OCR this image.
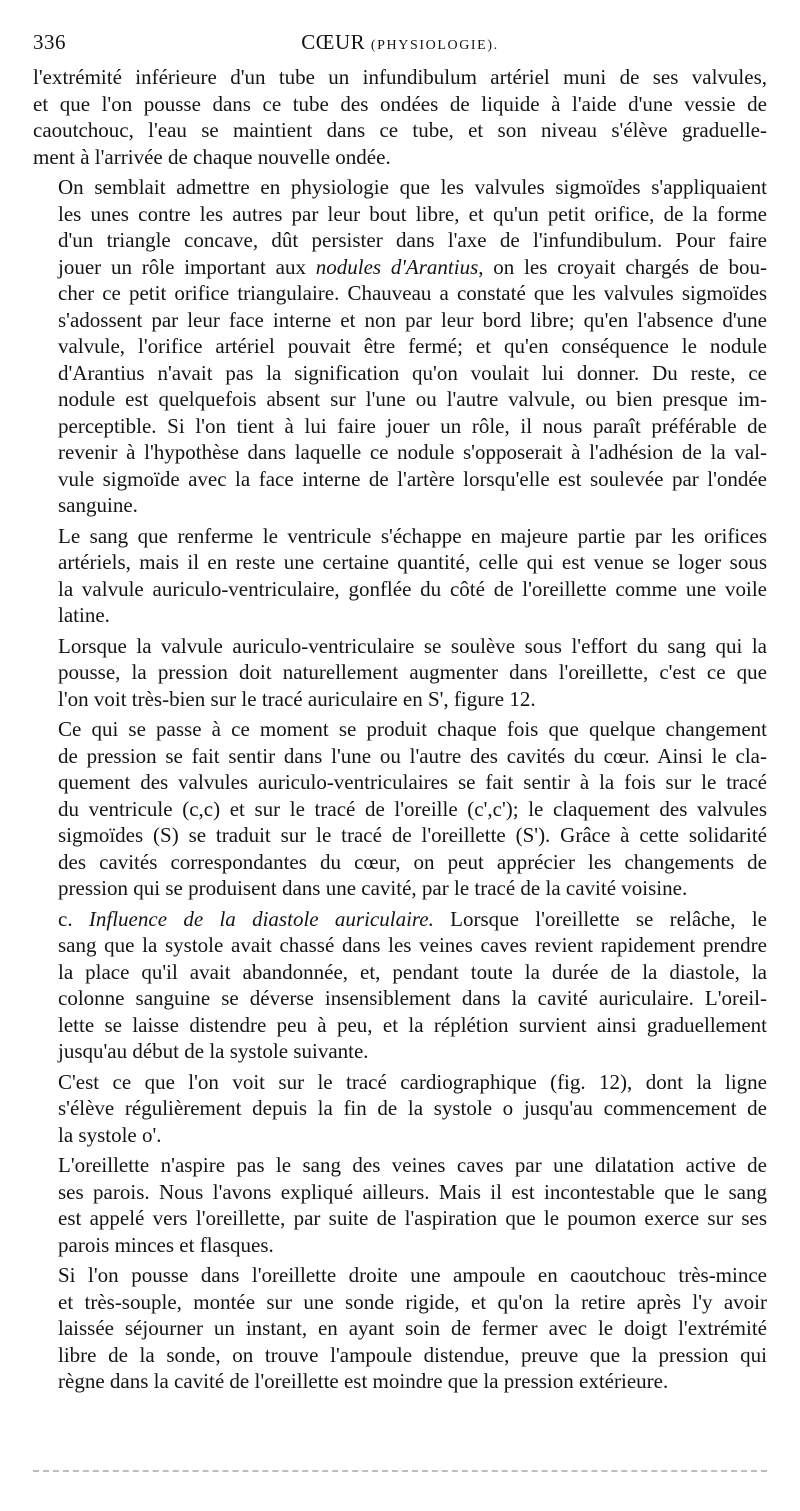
336	CŒUR (PHYSIOLOGIE).

l'extrémité inférieure d'un tube un infundibulum artériel muni de ses valvules,
et que l'on pousse dans ce tube des ondées de liquide à l'aide d'une vessie de
caoutchouc, l'eau se maintient dans ce tube, et son niveau s'élève graduelle-
ment à l'arrivée de chaque nouvelle ondée.

On semblait admettre en physiologie que les valvules sigmoïdes s'appliquaient
les unes contre les autres par leur bout libre, et qu'un petit orifice, de la forme
d'un triangle concave, dût persister dans l'axe de l'infundibulum. Pour faire
jouer un rôle important aux nodules d'Arantius, on les croyait chargés de bou-
cher ce petit orifice triangulaire. Chauveau a constaté que les valvules sigmoïdes
s'adossent par leur face interne et non par leur bord libre; qu'en l'absence d'une
valvule, l'orifice artériel pouvait être fermé; et qu'en conséquence le nodule
d'Arantius n'avait pas la signification qu'on voulait lui donner. Du reste, ce
nodule est quelquefois absent sur l'une ou l'autre valvule, ou bien presque im-
perceptible. Si l'on tient à lui faire jouer un rôle, il nous paraît préférable de
revenir à l'hypothèse dans laquelle ce nodule s'opposerait à l'adhésion de la val-
vule sigmoïde avec la face interne de l'artère lorsqu'elle est soulevée par l'ondée
sanguine.

Le sang que renferme le ventricule s'échappe en majeure partie par les orifices
artériels, mais il en reste une certaine quantité, celle qui est venue se loger sous
la valvule auriculo-ventriculaire, gonflée du côté de l'oreillette comme une voile
latine.

Lorsque la valvule auriculo-ventriculaire se soulève sous l'effort du sang qui la
pousse, la pression doit naturellement augmenter dans l'oreillette, c'est ce que
l'on voit très-bien sur le tracé auriculaire en S', figure 12.

Ce qui se passe à ce moment se produit chaque fois que quelque changement
de pression se fait sentir dans l'une ou l'autre des cavités du cœur. Ainsi le cla-
quement des valvules auriculo-ventriculaires se fait sentir à la fois sur le tracé
du ventricule (c,c) et sur le tracé de l'oreille (c',c'); le claquement des valvules
sigmoïdes (S) se traduit sur le tracé de l'oreillette (S'). Grâce à cette solidarité
des cavités correspondantes du cœur, on peut apprécier les changements de
pression qui se produisent dans une cavité, par le tracé de la cavité voisine.

c. Influence de la diastole auriculaire. Lorsque l'oreillette se relâche, le
sang que la systole avait chassé dans les veines caves revient rapidement prendre
la place qu'il avait abandonnée, et, pendant toute la durée de la diastole, la
colonne sanguine se déverse insensiblement dans la cavité auriculaire. L'oreil-
lette se laisse distendre peu à peu, et la réplétion survient ainsi graduellement
jusqu'au début de la systole suivante.

C'est ce que l'on voit sur le tracé cardiographique (fig. 12), dont la ligne
s'élève régulièrement depuis la fin de la systole o jusqu'au commencement de
la systole o'.

L'oreillette n'aspire pas le sang des veines caves par une dilatation active de
ses parois. Nous l'avons expliqué ailleurs. Mais il est incontestable que le sang
est appelé vers l'oreillette, par suite de l'aspiration que le poumon exerce sur ses
parois minces et flasques.

Si l'on pousse dans l'oreillette droite une ampoule en caoutchouc très-mince
et très-souple, montée sur une sonde rigide, et qu'on la retire après l'y avoir
laissée séjourner un instant, en ayant soin de fermer avec le doigt l'extrémité
libre de la sonde, on trouve l'ampoule distendue, preuve que la pression qui
règne dans la cavité de l'oreillette est moindre que la pression extérieure.
